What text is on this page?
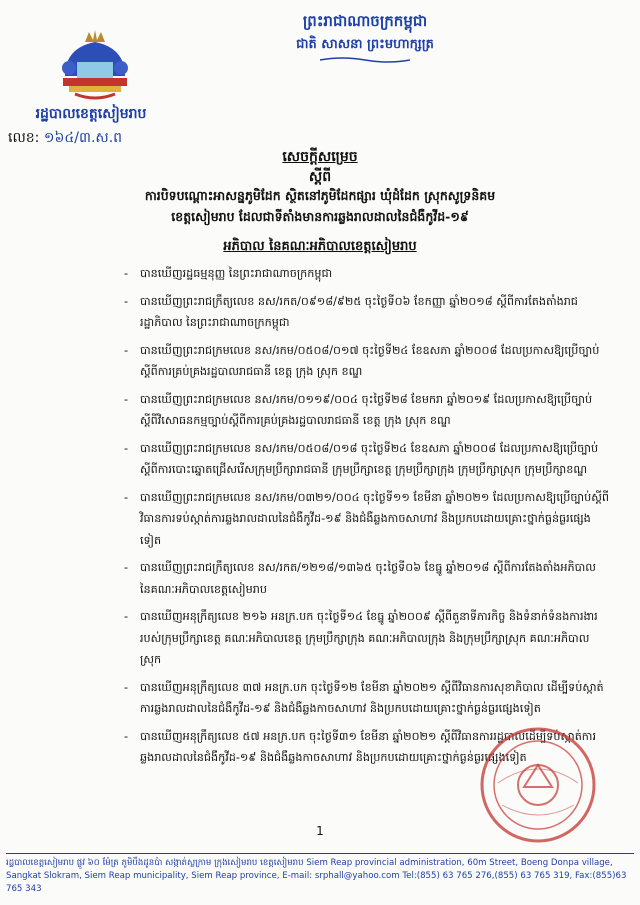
ព្រះរាជាណាចក្រកម្ពុជា
ជាតិ សាសនា ព្រះមហាក្សត្រ
រដ្ឋបាលខេត្តសៀមរាប
លេខ: ១៦៤/៣.ស.ព
សេចក្តីសម្រេច
ស្តីពី
ការបិទបណ្តោះអាសន្នភូមិដែក ស្ថិតនៅភូមិដែកផ្សារ ឃុំដំដែក ស្រុកសូទ្រនិគម
ខេត្តសៀមរាប ដែលជាទីតាំងមានការឆ្លងរាលដាលនៃជំងឺកូវីដ-១៩
អភិបាល នៃគណៈអភិបាលខេត្តសៀមរាប
- បានឃើញរដ្ឋធម្មនុញ្ញ នៃព្រះរាជាណាចក្រកម្ពុជា
- បានឃើញព្រះរាជក្រឹត្យលេខ នស/រកត/០៩១៨/៩២៥ ចុះថ្ងៃទី០៦ ខែកញ្ញា ឆ្នាំ២០១៨ ស្តីពីការតែងតាំងរាជរដ្ឋាភិបាល នៃព្រះរាជាណាចក្រកម្ពុជា
- បានឃើញព្រះរាជក្រមលេខ នស/រកម/០៥០៨/០១៧ ចុះថ្ងៃទី២៤ ខែឧសភា ឆ្នាំ២០០៨ ដែលប្រកាសឱ្យប្រើច្បាប់ស្តីពីការគ្រប់គ្រងរដ្ឋបាលរាជធានី ខេត្ត ក្រុង ស្រុក ខណ្ឌ
- បានឃើញព្រះរាជក្រមលេខ នស/រកម/០១១៩/០០៤ ចុះថ្ងៃទី២៨ ខែមករា ឆ្នាំ២០១៩ ដែលប្រកាសឱ្យប្រើច្បាប់ស្តីពីវិសោធនកម្មច្បាប់ស្តីពីការគ្រប់គ្រងរដ្ឋបាលរាជធានី ខេត្ត ក្រុង ស្រុក ខណ្ឌ
- បានឃើញព្រះរាជក្រមលេខ នស/រកម/០៥០៨/០១៨ ចុះថ្ងៃទី២៤ ខែឧសភា ឆ្នាំ២០០៨ ដែលប្រកាសឱ្យប្រើច្បាប់ស្តីពីការបោះឆ្នោតជ្រើសរើសក្រុមប្រឹក្សារាជធានី ក្រុមប្រឹក្សាខេត្ត ក្រុមប្រឹក្សាក្រុង ក្រុមប្រឹក្សាស្រុក ក្រុមប្រឹក្សាខណ្ឌ
- បានឃើញព្រះរាជក្រមលេខ នស/រកម/០៣២១/០០៤ ចុះថ្ងៃទី១១ ខែមីនា ឆ្នាំ២០២១ ដែលប្រកាសឱ្យប្រើច្បាប់ស្តីពីវិធានការទប់ស្កាត់ការឆ្លងរាលដាលនៃជំងឺកូវីដ-១៩ និងជំងឺឆ្លងកាចសាហាវ និងប្រកបដោយគ្រោះថ្នាក់ធ្ងន់ធ្ងរផ្សេងទៀត
- បានឃើញព្រះរាជក្រឹត្យលេខ នស/រកត/១២១៨/១៣៦៥ ចុះថ្ងៃទី០៦ ខែធ្នូ ឆ្នាំ២០១៨ ស្តីពីការតែងតាំងអភិបាល នៃគណៈអភិបាលខេត្តសៀមរាប
- បានឃើញអនុក្រឹត្យលេខ ២១៦ អនក្រ.បក ចុះថ្ងៃទី១៤ ខែធ្នូ ឆ្នាំ២០០៩ ស្តីពីតួនាទីភារកិច្ច និងទំនាក់ទំនងការងាររបស់ក្រុមប្រឹក្សាខេត្ត គណៈអភិបាលខេត្ត ក្រុមប្រឹក្សាក្រុង គណៈអភិបាលក្រុង និងក្រុមប្រឹក្សាស្រុក គណៈអភិបាលស្រុក
- បានឃើញអនុក្រឹត្យលេខ ៣៧ អនក្រ.បក ចុះថ្ងៃទី១២ ខែមីនា ឆ្នាំ២០២១ ស្តីពីវិធានការសុខាភិបាល ដើម្បីទប់ស្កាត់ការឆ្លងរាលដាលនៃជំងឺកូវីដ-១៩ និងជំងឺឆ្លងកាចសាហាវ និងប្រកបដោយគ្រោះថ្នាក់ធ្ងន់ធ្ងរផ្សេងទៀត
- បានឃើញអនុក្រឹត្យលេខ ៥៧ អនក្រ.បក ចុះថ្ងៃទី៣១ ខែមីនា ឆ្នាំ២០២១ ស្តីពីវិធានការរដ្ឋបាលដើម្បីទប់ស្កាត់ការឆ្លងរាលដាលនៃជំងឺកូវីដ-១៩ និងជំងឺឆ្លងកាចសាហាវ និងប្រកបដោយគ្រោះថ្នាក់ធ្ងន់ធ្ងរផ្សេងទៀត
1
រដ្ឋបាលខេត្តសៀមរាប ផ្លូវ ៦០ ម៉ែត្រ ភូមិបឹងដូនប៉ា សង្កាត់ស្លក្រាម ក្រុងសៀមរាប ខេត្តសៀមរាប Siem Reap provincial administration, 60m Street, Boeng Donpa village,
Sangkat Slokram, Siem Reap municipality, Siem Reap province, E-mail: srphall@yahoo.com Tel:(855) 63 765 276,(855) 63 765 319, Fax:(855)63 765 343
